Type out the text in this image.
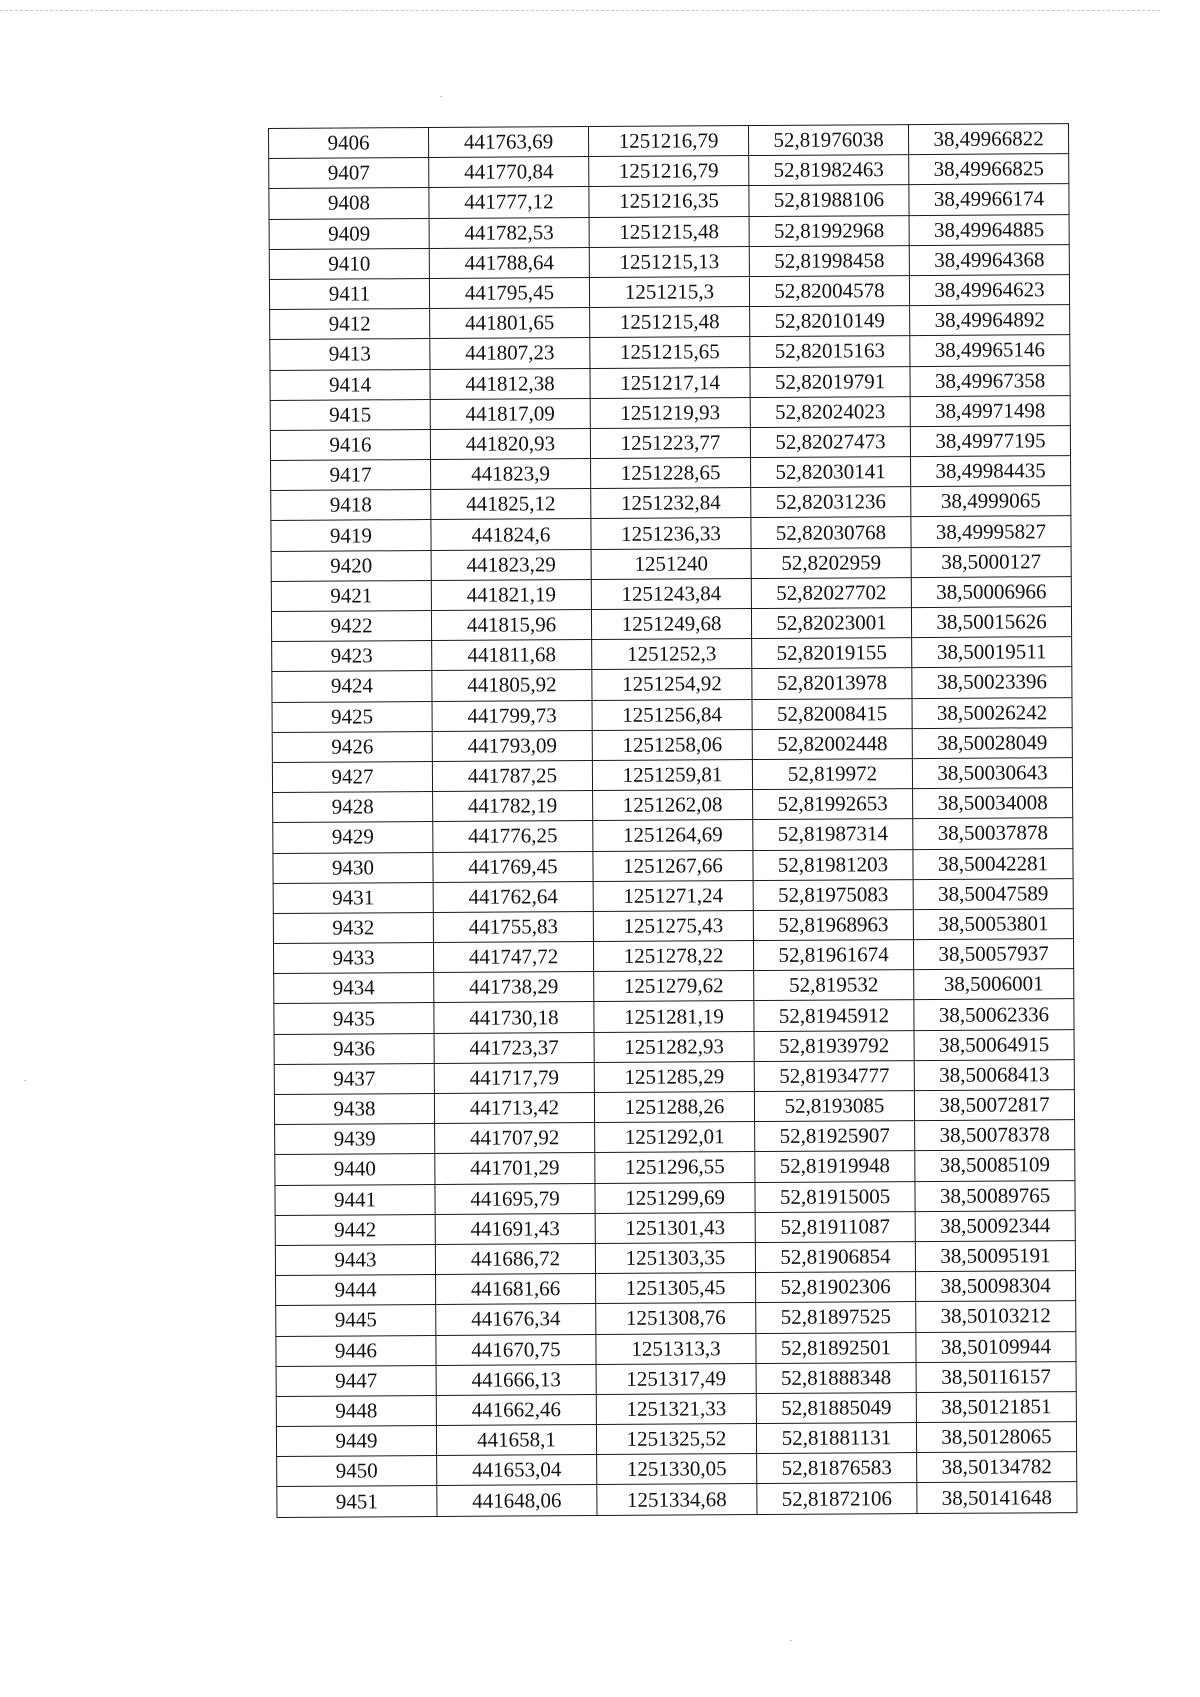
9406	441763,69	1251216,79	52,81976038	38,49966822
9407	441770,84	1251216,79	52,81982463	38,49966825
9408	441777,12	1251216,35	52,81988106	38,49966174
9409	441782,53	1251215,48	52,81992968	38,49964885
9410	441788,64	1251215,13	52,81998458	38,49964368
9411	441795,45	1251215,3	52,82004578	38,49964623
9412	441801,65	1251215,48	52,82010149	38,49964892
9413	441807,23	1251215,65	52,82015163	38,49965146
9414	441812,38	1251217,14	52,82019791	38,49967358
9415	441817,09	1251219,93	52,82024023	38,49971498
9416	441820,93	1251223,77	52,82027473	38,49977195
9417	441823,9	1251228,65	52,82030141	38,49984435
9418	441825,12	1251232,84	52,82031236	38,4999065
9419	441824,6	1251236,33	52,82030768	38,49995827
9420	441823,29	1251240	52,8202959	38,5000127
9421	441821,19	1251243,84	52,82027702	38,50006966
9422	441815,96	1251249,68	52,82023001	38,50015626
9423	441811,68	1251252,3	52,82019155	38,50019511
9424	441805,92	1251254,92	52,82013978	38,50023396
9425	441799,73	1251256,84	52,82008415	38,50026242
9426	441793,09	1251258,06	52,82002448	38,50028049
9427	441787,25	1251259,81	52,819972	38,50030643
9428	441782,19	1251262,08	52,81992653	38,50034008
9429	441776,25	1251264,69	52,81987314	38,50037878
9430	441769,45	1251267,66	52,81981203	38,50042281
9431	441762,64	1251271,24	52,81975083	38,50047589
9432	441755,83	1251275,43	52,81968963	38,50053801
9433	441747,72	1251278,22	52,81961674	38,50057937
9434	441738,29	1251279,62	52,819532	38,5006001
9435	441730,18	1251281,19	52,81945912	38,50062336
9436	441723,37	1251282,93	52,81939792	38,50064915
9437	441717,79	1251285,29	52,81934777	38,50068413
9438	441713,42	1251288,26	52,8193085	38,50072817
9439	441707,92	1251292,01	52,81925907	38,50078378
9440	441701,29	1251296,55	52,81919948	38,50085109
9441	441695,79	1251299,69	52,81915005	38,50089765
9442	441691,43	1251301,43	52,81911087	38,50092344
9443	441686,72	1251303,35	52,81906854	38,50095191
9444	441681,66	1251305,45	52,81902306	38,50098304
9445	441676,34	1251308,76	52,81897525	38,50103212
9446	441670,75	1251313,3	52,81892501	38,50109944
9447	441666,13	1251317,49	52,81888348	38,50116157
9448	441662,46	1251321,33	52,81885049	38,50121851
9449	441658,1	1251325,52	52,81881131	38,50128065
9450	441653,04	1251330,05	52,81876583	38,50134782
9451	441648,06	1251334,68	52,81872106	38,50141648
